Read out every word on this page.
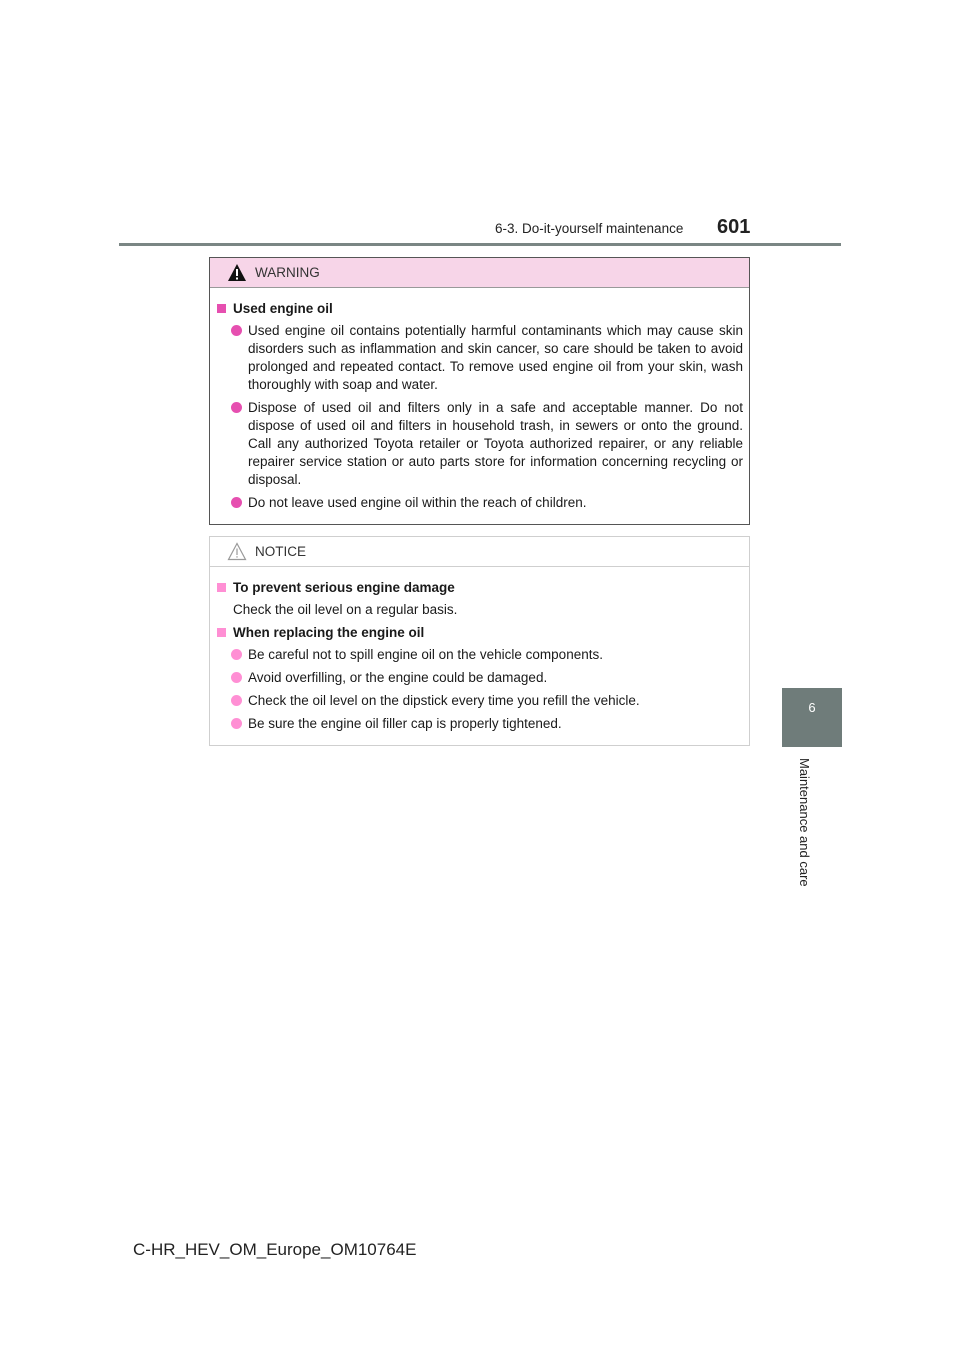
6-3. Do-it-yourself maintenance 601
6
Maintenance and care
WARNING
Used engine oil
Used engine oil contains potentially harmful contaminants which may cause skin disorders such as inflammation and skin cancer, so care should be taken to avoid prolonged and repeated contact. To remove used engine oil from your skin, wash thoroughly with soap and water.
Dispose of used oil and filters only in a safe and acceptable manner. Do not dispose of used oil and filters in household trash, in sewers or onto the ground. Call any authorized Toyota retailer or Toyota authorized repairer, or any reliable repairer service station or auto parts store for information concerning recycling or disposal.
Do not leave used engine oil within the reach of children.
NOTICE
To prevent serious engine damage
Check the oil level on a regular basis.
When replacing the engine oil
Be careful not to spill engine oil on the vehicle components.
Avoid overfilling, or the engine could be damaged.
Check the oil level on the dipstick every time you refill the vehicle.
Be sure the engine oil filler cap is properly tightened.
C-HR_HEV_OM_Europe_OM10764E
